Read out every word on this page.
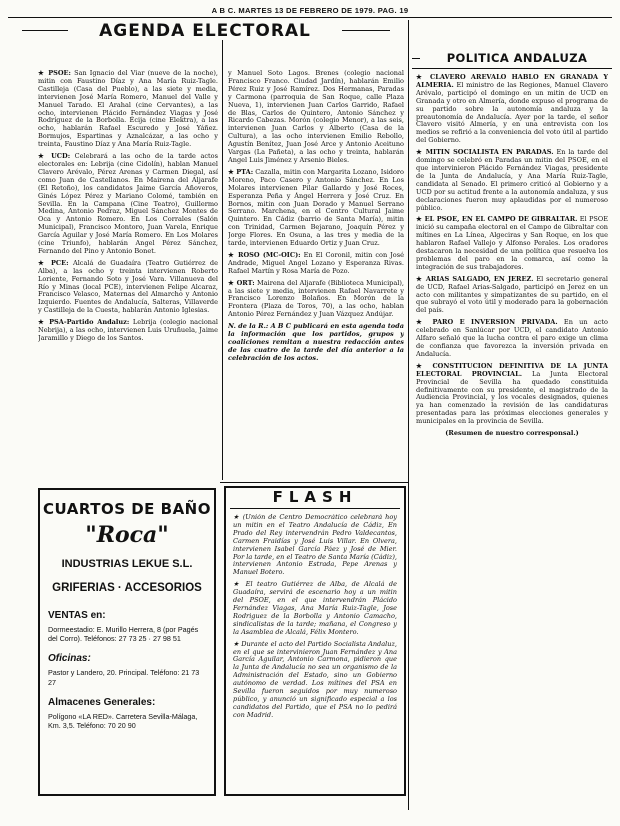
A B C. MARTES 13 DE FEBRERO DE 1979. PAG. 19
AGENDA ELECTORAL

★ PSOE: San Ignacio del Viar (nueve de la noche), mitin con Faustino Díaz y Ana María Ruiz-Tagle. Castilleja (Casa del Pueblo), a las siete y media, intervienen José María Romero, Manuel del Valle y Manuel Tarado. El Arahal (cine Cervantes), a las ocho, intervienen Plácido Fernández Viagas y José Rodríguez de la Borbolla. Écija (cine Elektra), a las ocho, hablarán Rafael Escuredo y José Yáñez. Bormujos, Espartinas y Aznalcázar, a las ocho y treinta, Faustino Díaz y Ana María Ruiz-Tagle.

★ UCD: Celebrará a las ocho de la tarde actos electorales en: Lebrija (cine Cidolín), hablan Manuel Clavero Arévalo, Pérez Arenas y Carmen Diegal, así como Juan de Castellanos. En Mairena del Aljarafe (El Retoño), los candidatos Jaime García Añoveros, Ginés López Pérez y Mariano Colomé, también en Sevilla. En la Campana (Cine Teatro), Guillermo Medina, Antonio Pedraz, Miguel Sánchez Montes de Oca y Antonio Romero. En Los Corrales (Salón Municipal), Francisco Montoro, Juan Varela, Enrique García Aguilar y José María Romero. En Los Molares (cine Triunfo), hablarán Angel Pérez Sánchez, Fernando del Pino y Antonio Bonet.

★ PCE: Alcalá de Guadaíra (Teatro Gutiérrez de Alba), a las ocho y treinta intervienen Roberto Loriente, Fernando Soto y José Vara. Villanueva del Río y Minas (local PCE), intervienen Felipe Alcaraz, Francisco Velasco, Maternas del Almarcho y Antonio Izquierdo. Fuentes de Andalucía, Salteras, Villaverde y Castilleja de la Cuesta, hablarán Antonio Iglesias.

★ PSA-Partido Andaluz: Lebrija (colegio nacional Nebrija), a las ocho, intervienen Luis Uruñuela, Jaime Jaramillo y Diego de los Santos.

y Manuel Soto Lagos. Brenes (colegio nacional Francisco Franco. Ciudad Jardín), hablarán Emilio Pérez Ruiz y José Ramírez. Dos Hermanas, Paradas y Carmona (parroquia de San Roque, calle Plaza Nueva, 1), intervienen Juan Carlos Garrido, Rafael de Blas, Carlos de Quintero, Antonio Sánchez y Ricardo Cabezas. Morón (colegio Menor), a las seis, intervienen Juan Carlos y Alberto (Casa de la Cultura), a las ocho intervienen Emilio Rebollo, Agustín Benítez, Juan José Arce y Antonio Aceituno Vargas (La Pañeta), a las ocho y treinta, hablarán Angel Luis Jiménez y Arsenio Bieles.

★ PTA: Cazalla, mitin con Margarita Lozano, Isidoro Moreno, Paco Casero y Antonio Sánchez. En Los Molares intervienen Pilar Gallardo y José Roces, Esperanza Peña y Ángel Herrera y José Cruz. En Bornos, mitin con Juan Dorado y Manuel Serrano Serrano. Marchena, en el Centro Cultural Jaime Quintero. En Cádiz (barrio de Santa María), mitin con Trinidad, Carmen Bejarano, Joaquín Pérez y Jorge Flores. En Osuna, a las tres y media de la tarde, intervienen Eduardo Ortiz y Juan Cruz.

★ ROSO (MC-OIC): En El Coronil, mitin con José Andrade, Miguel Angel Lozano y Esperanza Rivas. Rafael Martín y Rosa María de Pozo.

★ ORT: Mairena del Aljarafe (Biblioteca Municipal), a las siete y media, intervienen Rafael Navarrete y Francisco Lorenzo Bolaños. En Morón de la Frontera (Plaza de Toros, 70), a las ocho, hablan Antonio Pérez Fernández y Juan Vázquez Andújar.

N. de la R.: A B C publicará en esta agenda toda la información que los partidos, grupos y coaliciones remitan a nuestra redacción antes de las cuatro de la tarde del día anterior a la celebración de los actos.

CUARTOS DE BAÑO
"Roca"
INDUSTRIAS LEKUE S.L.
GRIFERIAS · ACCESORIOS
VENTAS en:
Dormeestadio: E. Murillo Herrera, 8 (por Pagés del Corro). Teléfonos: 27 73 25 · 27 98 51
Oficinas:
Pastor y Landero, 20. Principal. Teléfono: 21 73 27
Almacenes Generales:
Polígono «LA RED». Carretera Sevilla-Málaga, Km. 3,5. Teléfono: 70 20 90
FLASH

★ (Unión de Centro Democrático celebrará hoy un mitin en el Teatro Andalucía de Cádiz, En Prado del Rey intervendrán Pedro Valdecantos, Carmen Fraidías y José Luis Villar. En Olvera, intervienen Isabel García Páez y José de Mier. Por la tarde, en el Teatro de Santa María (Cádiz), intervienen Antonio Estrada, Pepe Arenas y Manuel Botero.

★ El teatro Gutiérrez de Alba, de Alcalá de Guadaíra, servirá de escenario hoy a un mitin del PSOE, en el que intervendrán Plácido Fernández Viagas, Ana María Ruiz-Tagle, Jose Rodriguez de la Borbolla y Antonio Camacho, sindicalistas de la tarde; mañana, el Congreso y la Asamblea de Alcalá, Félix Montero.

★ Durante el acto del Partido Socialista Andaluz, en el que se intervinieron Juan Fernández y Ana García Aguilar, Antonio Carmona, pidieron que la Junta de Andalucía no sea un organismo de la Administración del Estado, sino un Gobierno autónomo de verdad. Los mítines del PSA en Sevilla fueron seguidos por muy numeroso público, y anunció un significado especial a los candidatos del Partido, que el PSA no lo pedirá con Madrid.

POLITICA ANDALUZA

★ CLAVERO AREVALO HABLO EN GRANADA Y ALMERIA. El ministro de las Regiones, Manuel Clavero Arévalo, participó el domingo en un mitin de UCD en Granada y otro en Almería, donde expuso el programa de su partido sobre la autonomía andaluza y la preautonomía de Andalucía. Ayer por la tarde, el señor Clavero visitó Almería, y en una entrevista con los medios se refirió a la conveniencia del voto útil al partido del Gobierno.

★ MITIN SOCIALISTA EN PARADAS. En la tarde del domingo se celebró en Paradas un mitin del PSOE, en el que intervinieron Plácido Fernández Viagas, presidente de la Junta de Andalucía, y Ana María Ruiz-Tagle, candidata al Senado. El primero criticó al Gobierno y a UCD por su actitud frente a la autonomía andaluza, y sus declaraciones fueron muy aplaudidas por el numeroso público.

★ EL PSOE, EN EL CAMPO DE GIBRALTAR. El PSOE inició su campaña electoral en el Campo de Gibraltar con mítines en La Línea, Algeciras y San Roque, en los que hablaron Rafael Vallejo y Alfonso Perales. Los oradores destacaron la necesidad de una política que resuelva los problemas del paro en la comarca, así como la integración de sus trabajadores.

★ ARIAS SALGADO, EN JEREZ. El secretario general de UCD, Rafael Arias-Salgado, participó en Jerez en un acto con militantes y simpatizantes de su partido, en el que subrayó el voto útil y moderado para la gobernación del país.

★ PARO E INVERSION PRIVADA. En un acto celebrado en Sanlúcar por UCD, el candidato Antonio Alfaro señaló que la lucha contra el paro exige un clima de confianza que favorezca la inversión privada en Andalucía.

★ CONSTITUCION DEFINITIVA DE LA JUNTA ELECTORAL PROVINCIAL. La Junta Electoral Provincial de Sevilla ha quedado constituida definitivamente con su presidente, el magistrado de la Audiencia Provincial, y los vocales designados, quienes ya han comenzado la revisión de las candidaturas presentadas para las próximas elecciones generales y municipales en la provincia de Sevilla.

(Resumen de nuestro corresponsal.)
